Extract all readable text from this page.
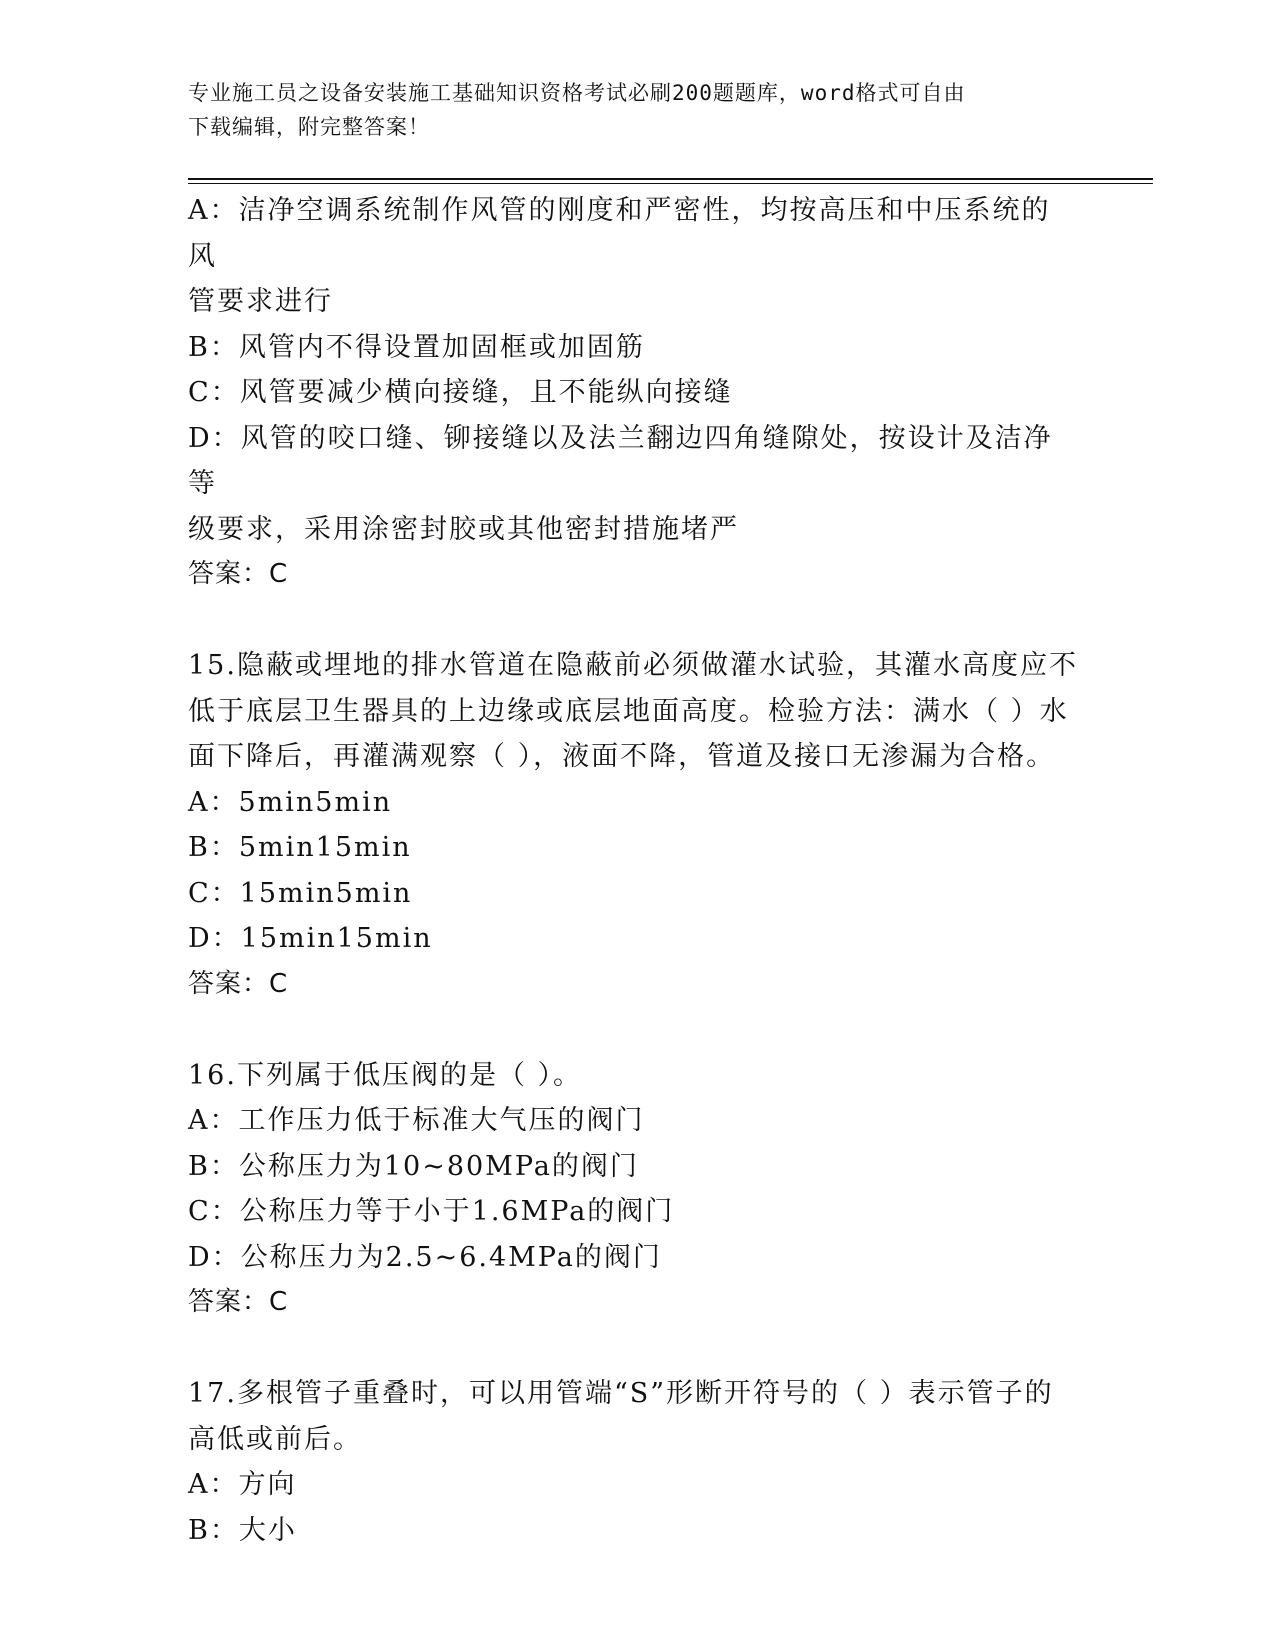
专业施工员之设备安装施工基础知识资格考试必刷200题题库，word格式可自由
下载编辑，附完整答案！
A：洁净空调系统制作风管的刚度和严密性，均按高压和中压系统的风
管要求进行
B：风管内不得设置加固框或加固筋
C：风管要减少横向接缝，且不能纵向接缝
D：风管的咬口缝、铆接缝以及法兰翻边四角缝隙处，按设计及洁净等
级要求，采用涂密封胶或其他密封措施堵严
答案：C
15.隐蔽或埋地的排水管道在隐蔽前必须做灌水试验，其灌水高度应不
低于底层卫生器具的上边缘或底层地面高度。检验方法：满水（ ）水
面下降后，再灌满观察（ ），液面不降，管道及接口无渗漏为合格。
A：5min5min
B：5min15min
C：15min5min
D：15min15min
答案：C
16.下列属于低压阀的是（ ）。
A：工作压力低于标准大气压的阀门
B：公称压力为10~80MPa的阀门
C：公称压力等于小于1.6MPa的阀门
D：公称压力为2.5~6.4MPa的阀门
答案：C
17.多根管子重叠时，可以用管端“S”形断开符号的（ ）表示管子的
高低或前后。
A：方向
B：大小
